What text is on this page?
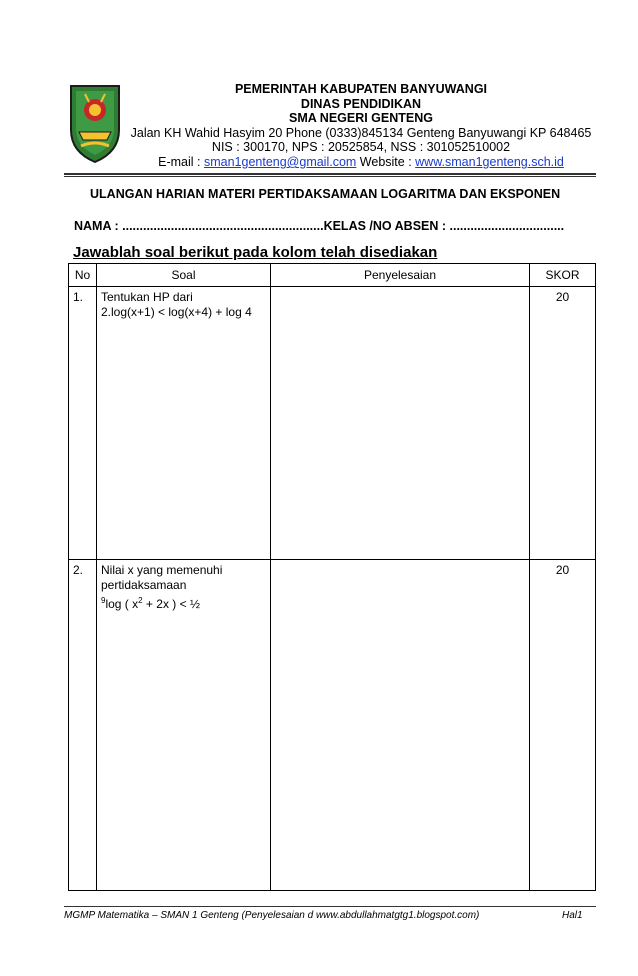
PEMERINTAH KABUPATEN BANYUWANGI
DINAS PENDIDIKAN
SMA NEGERI GENTENG
Jalan KH Wahid Hasyim 20 Phone (0333)845134 Genteng Banyuwangi KP 648465
NIS : 300170, NPS : 20525854, NSS : 301052510002
E-mail : sman1genteng@gmail.com Website : www.sman1genteng.sch.id
ULANGAN HARIAN MATERI PERTIDAKSAMAAN LOGARITMA DAN EKSPONEN
NAMA : ..........................................................KELAS /NO ABSEN : .................................
Jawablah soal berikut pada kolom telah disediakan
No	Soal	Penyelesaian	SKOR
1.	Tentukan HP dari
2.log(x+1) < log(x+4) + log 4		20
2.	Nilai x yang memenuhi
pertidaksamaan
$^9$log ( $x^2 + 2x$ ) < ½		20
MGMP Matematika – SMAN 1 Genteng (Penyelesaian d www.abdullahmatgtg1.blogspot.com)	Hal1
